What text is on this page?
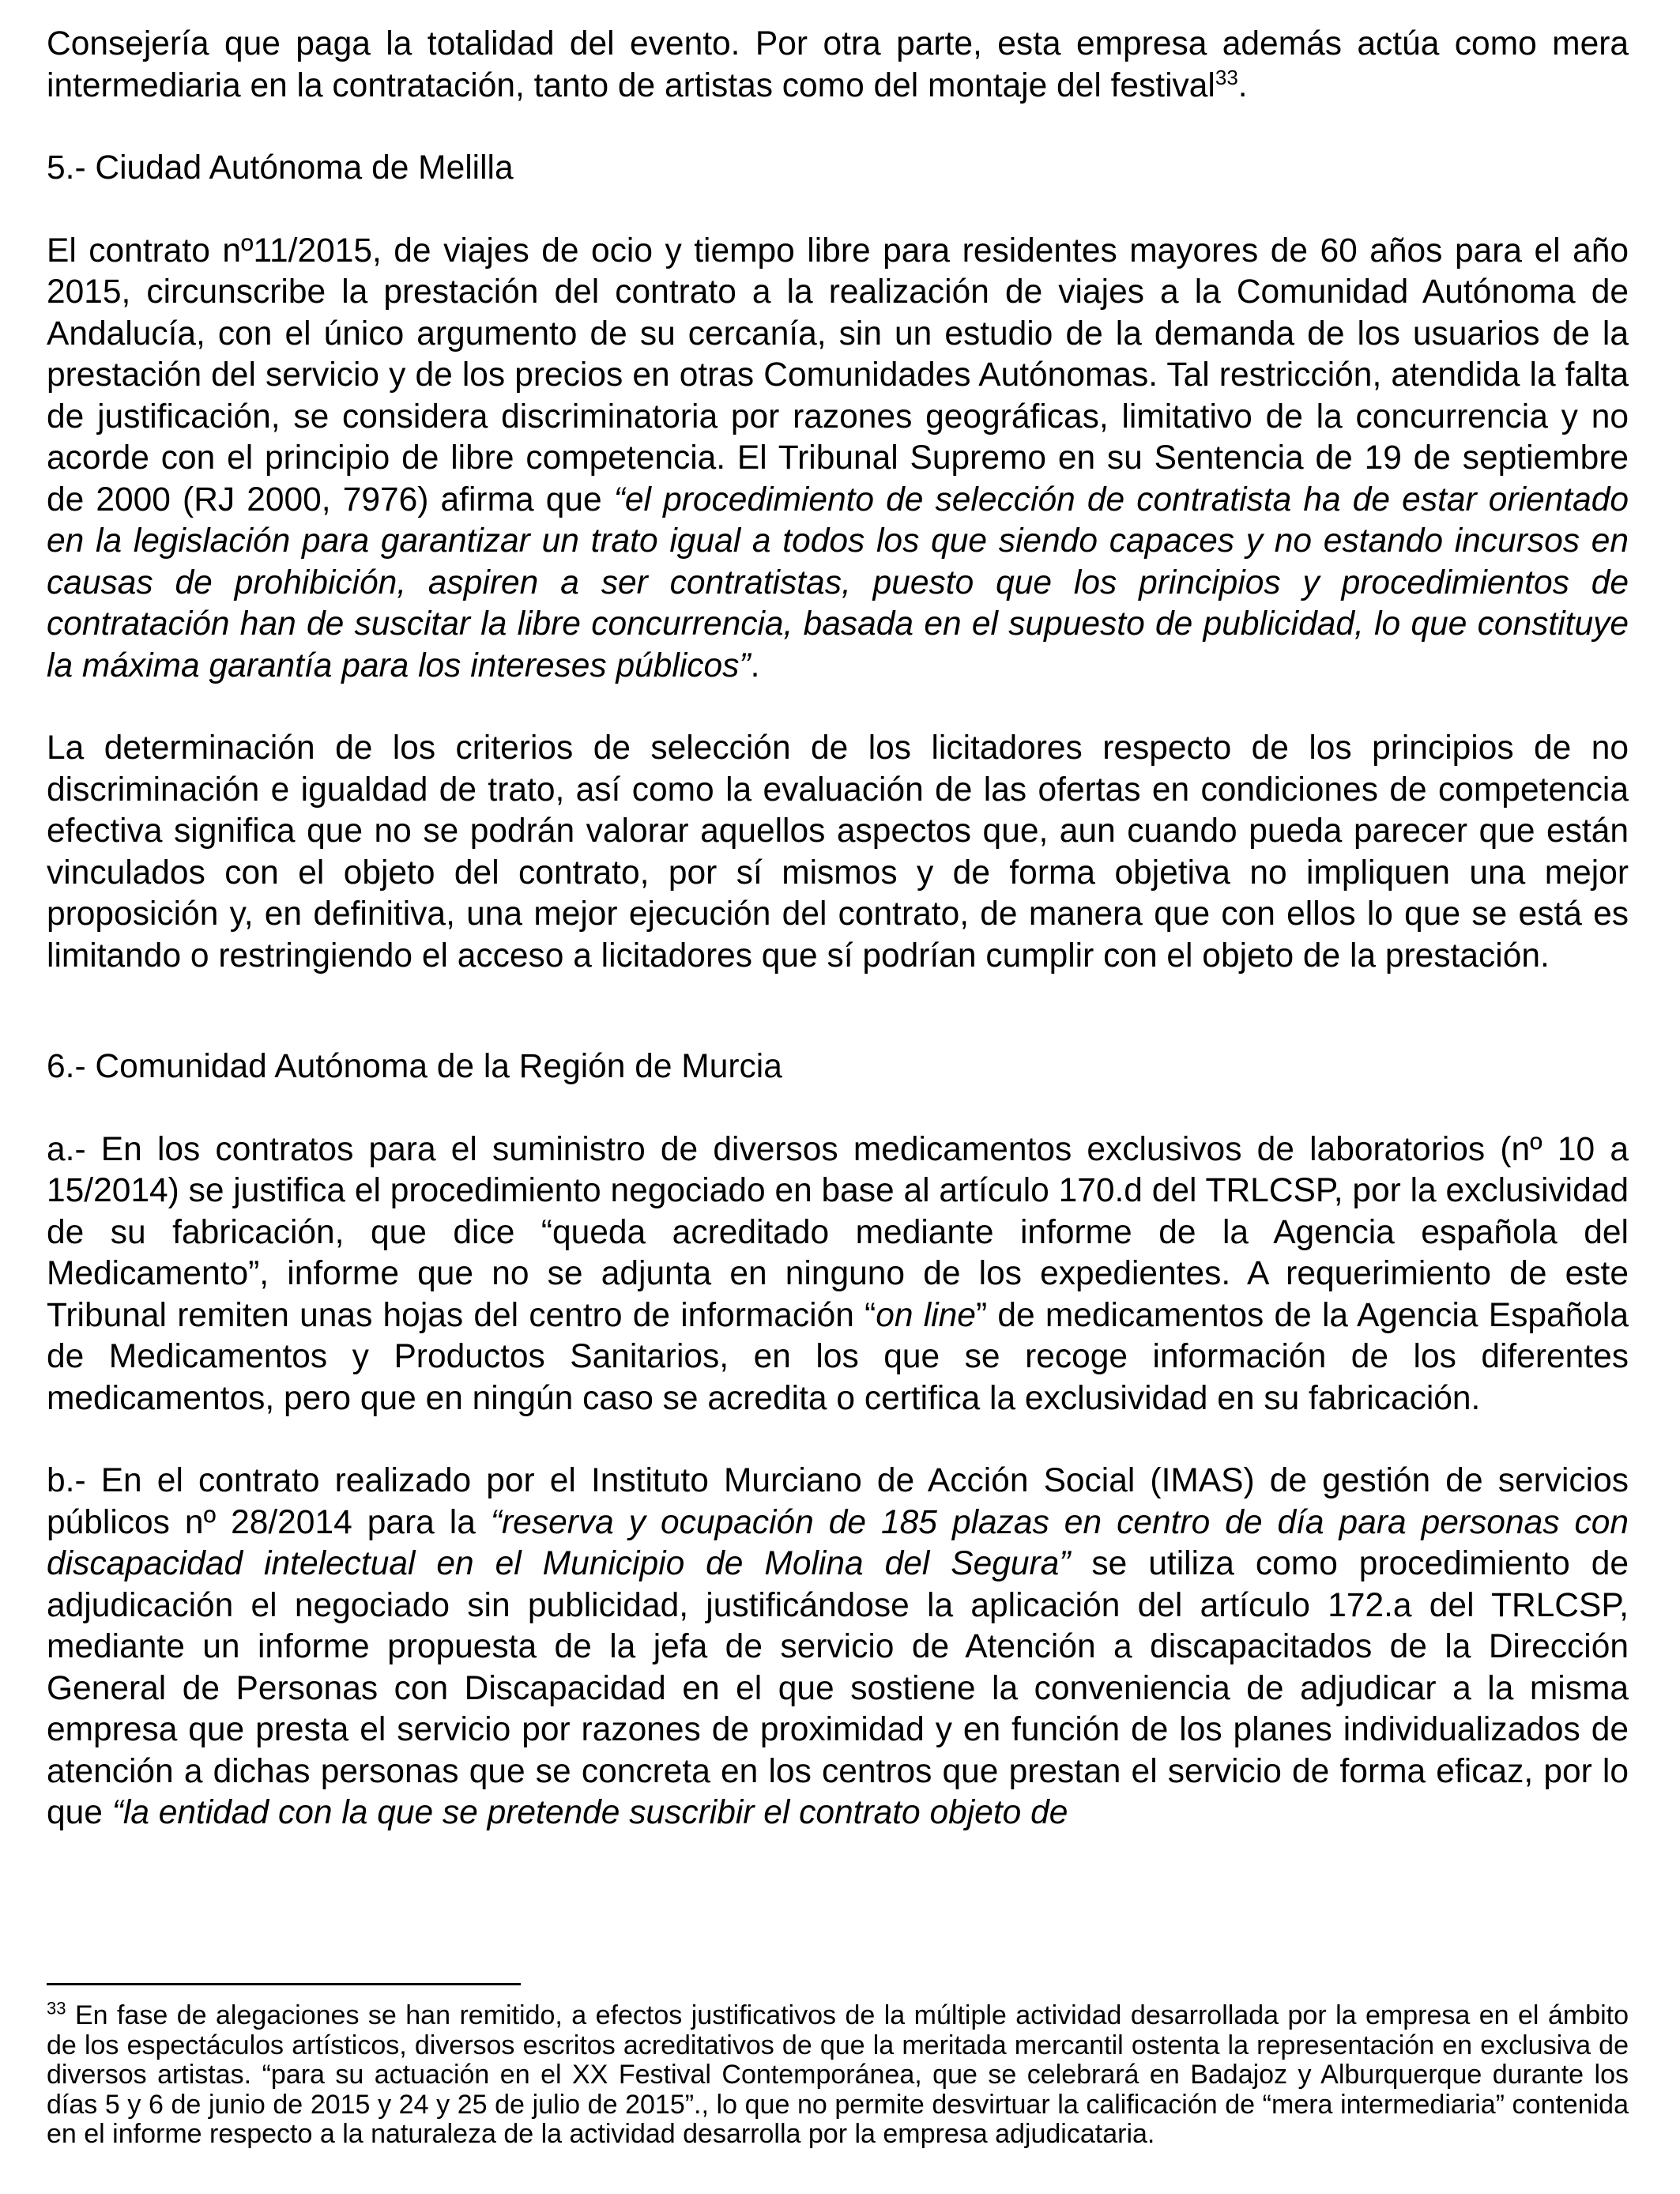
Consejería que paga la totalidad del evento. Por otra parte, esta empresa además actúa como mera intermediaria en la contratación, tanto de artistas como del montaje del festival$^{33}$.

5.- Ciudad Autónoma de Melilla

El contrato nº11/2015, de viajes de ocio y tiempo libre para residentes mayores de 60 años para el año 2015, circunscribe la prestación del contrato a la realización de viajes a la Comunidad Autónoma de Andalucía, con el único argumento de su cercanía, sin un estudio de la demanda de los usuarios de la prestación del servicio y de los precios en otras Comunidades Autónomas. Tal restricción, atendida la falta de justificación, se considera discriminatoria por razones geográficas, limitativo de la concurrencia y no acorde con el principio de libre competencia. El Tribunal Supremo en su Sentencia de 19 de septiembre de 2000 (RJ 2000, 7976) afirma que “el procedimiento de selección de contratista ha de estar orientado en la legislación para garantizar un trato igual a todos los que siendo capaces y no estando incursos en causas de prohibición, aspiren a ser contratistas, puesto que los principios y procedimientos de contratación han de suscitar la libre concurrencia, basada en el supuesto de publicidad, lo que constituye la máxima garantía para los intereses públicos”.

La determinación de los criterios de selección de los licitadores respecto de los principios de no discriminación e igualdad de trato, así como la evaluación de las ofertas en condiciones de competencia efectiva significa que no se podrán valorar aquellos aspectos que, aun cuando pueda parecer que están vinculados con el objeto del contrato, por sí mismos y de forma objetiva no impliquen una mejor proposición y, en definitiva, una mejor ejecución del contrato, de manera que con ellos lo que se está es limitando o restringiendo el acceso a licitadores que sí podrían cumplir con el objeto de la prestación.

6.- Comunidad Autónoma de la Región de Murcia

a.- En los contratos para el suministro de diversos medicamentos exclusivos de laboratorios (nº 10 a 15/2014) se justifica el procedimiento negociado en base al artículo 170.d del TRLCSP, por la exclusividad de su fabricación, que dice “queda acreditado mediante informe de la Agencia española del Medicamento”, informe que no se adjunta en ninguno de los expedientes. A requerimiento de este Tribunal remiten unas hojas del centro de información “on line” de medicamentos de la Agencia Española de Medicamentos y Productos Sanitarios, en los que se recoge información de los diferentes medicamentos, pero que en ningún caso se acredita o certifica la exclusividad en su fabricación.

b.- En el contrato realizado por el Instituto Murciano de Acción Social (IMAS) de gestión de servicios públicos nº 28/2014 para la “reserva y ocupación de 185 plazas en centro de día para personas con discapacidad intelectual en el Municipio de Molina del Segura” se utiliza como procedimiento de adjudicación el negociado sin publicidad, justificándose la aplicación del artículo 172.a del TRLCSP, mediante un informe propuesta de la jefa de servicio de Atención a discapacitados de la Dirección General de Personas con Discapacidad en el que sostiene la conveniencia de adjudicar a la misma empresa que presta el servicio por razones de proximidad y en función de los planes individualizados de atención a dichas personas que se concreta en los centros que prestan el servicio de forma eficaz, por lo que “la entidad con la que se pretende suscribir el contrato objeto de

$^{33}$ En fase de alegaciones se han remitido, a efectos justificativos de la múltiple actividad desarrollada por la empresa en el ámbito de los espectáculos artísticos, diversos escritos acreditativos de que la meritada mercantil ostenta la representación en exclusiva de diversos artistas. “para su actuación en el XX Festival Contemporánea, que se celebrará en Badajoz y Alburquerque durante los días 5 y 6 de junio de 2015 y 24 y 25 de julio de 2015”., lo que no permite desvirtuar la calificación de “mera intermediaria” contenida en el informe respecto a la naturaleza de la actividad desarrolla por la empresa adjudicataria.
